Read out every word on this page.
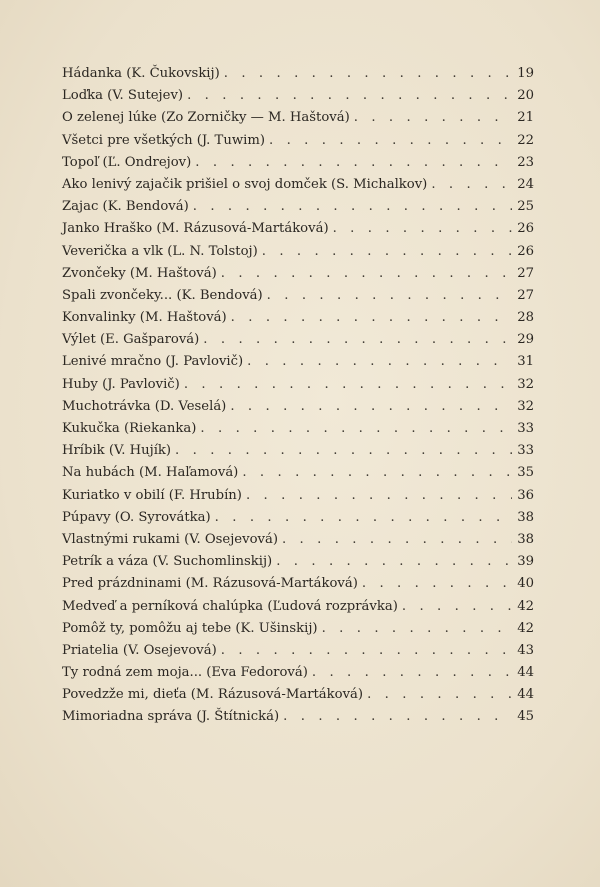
Hádanka (K. Čukovskij) . . .	19
Loďka (V. Sutejev) . . .	20
O zelenej lúke (Zo Zorničky — M. Haštová) . . .	21
Všetci pre všetkých (J. Tuwim) . . .	22
Topoľ (Ľ. Ondrejov) . . .	23
Ako lenivý zajačik prišiel o svoj domček (S. Michalkov) . . .	24
Zajac (K. Bendová) . . .	25
Janko Hraško (M. Rázusová-Martáková) . . .	26
Veverička a vlk (L. N. Tolstoj) . . .	26
Zvončeky (M. Haštová) . . .	27
Spali zvončeky... (K. Bendová) . . .	27
Konvalinky (M. Haštová) . . .	28
Výlet (E. Gašparová) . . .	29
Lenivé mračno (J. Pavlovič) . . .	31
Huby (J. Pavlovič) . . .	32
Muchotrávka (D. Veselá) . . .	32
Kukučka (Riekanka) . . .	33
Hríbik (V. Hujík) . . .	33
Na hubách (M. Haľamová) . . .	35
Kuriatko v obilí (F. Hrubín) . . .	36
Púpavy (O. Syrovátka) . . .	38
Vlastnými rukami (V. Osejevová) . . .	38
Petrík a váza (V. Suchomlinskij) . . .	39
Pred prázdninami (M. Rázusová-Martáková) . . .	40
Medveď a perníková chalúpka (Ľudová rozprávka) . . .	42
Pomôž ty, pomôžu aj tebe (K. Ušinskij) . . .	42
Priatelia (V. Osejevová) . . .	43
Ty rodná zem moja... (Eva Fedorová) . . .	44
Povedzže mi, dieťa (M. Rázusová-Martáková) . . .	44
Mimoriadna správa (J. Štítnická) . . .	45
